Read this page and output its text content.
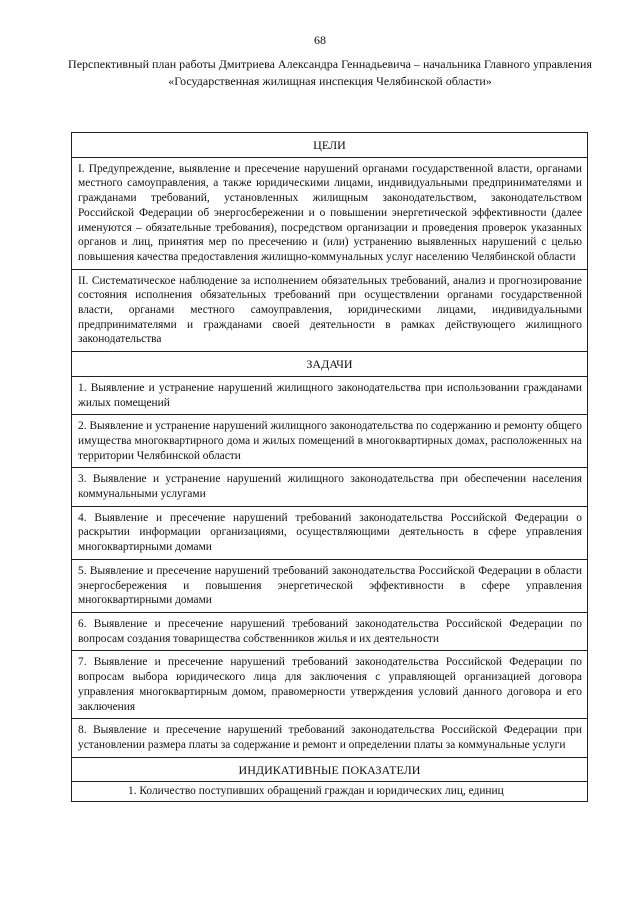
68
Перспективный план работы Дмитриева Александра Геннадьевича – начальника Главного управления «Государственная жилищная инспекция Челябинской области»
ЦЕЛИ
I. Предупреждение, выявление и пресечение нарушений органами государственной власти, органами местного самоуправления, а также юридическими лицами, индивидуальными предпринимателями и гражданами требований, установленных жилищным законодательством, законодательством Российской Федерации об энергосбережении и о повышении энергетической эффективности (далее именуются – обязательные требования), посредством организации и проведения проверок указанных органов и лиц, принятия мер по пресечению и (или) устранению выявленных нарушений с целью повышения качества предоставления жилищно-коммунальных услуг населению Челябинской области
II. Систематическое наблюдение за исполнением обязательных требований, анализ и прогнозирование состояния исполнения обязательных требований при осуществлении органами государственной власти, органами местного самоуправления, юридическими лицами, индивидуальными предпринимателями и гражданами своей деятельности в рамках действующего жилищного законодательства
ЗАДАЧИ
1. Выявление и устранение нарушений жилищного законодательства при использовании гражданами жилых помещений
2. Выявление и устранение нарушений жилищного законодательства по содержанию и ремонту общего имущества многоквартирного дома и жилых помещений в многоквартирных домах, расположенных на территории Челябинской области
3. Выявление и устранение нарушений жилищного законодательства при обеспечении населения коммунальными услугами
4. Выявление и пресечение нарушений требований законодательства Российской Федерации о раскрытии информации организациями, осуществляющими деятельность в сфере управления многоквартирными домами
5. Выявление и пресечение нарушений требований законодательства Российской Федерации в области энергосбережения и повышения энергетической эффективности в сфере управления многоквартирными домами
6. Выявление и пресечение нарушений требований законодательства Российской Федерации по вопросам создания товарищества собственников жилья и их деятельности
7. Выявление и пресечение нарушений требований законодательства Российской Федерации по вопросам выбора юридического лица для заключения с управляющей организацией договора управления многоквартирным домом, правомерности утверждения условий данного договора и его заключения
8. Выявление и пресечение нарушений требований законодательства Российской Федерации при установлении размера платы за содержание и ремонт и определении платы за коммунальные услуги
ИНДИКАТИВНЫЕ ПОКАЗАТЕЛИ
1. Количество поступивших обращений граждан и юридических лиц, единиц
